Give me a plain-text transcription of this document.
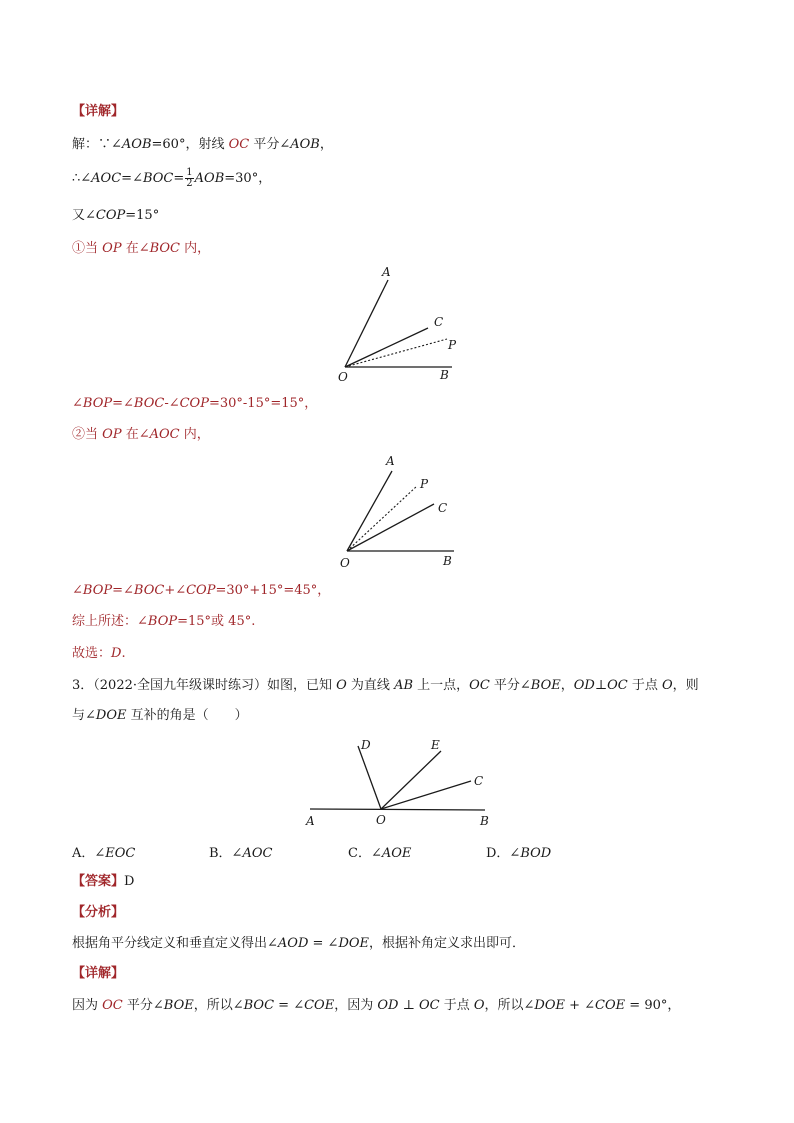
【详解】
解：∵∠AOB=60°，射线 OC 平分∠AOB，
∴∠AOC=∠BOC= $\frac{1}{2} AOB=30^\circ$，
又∠COP=15°
①当 OP 在∠BOC 内，
A
C
P
O	B
∠BOP=∠BOC-∠COP=30°-15°=15°，
②当 OP 在∠AOC 内，
A
P
C
O	B
∠BOP=∠BOC+∠COP=30°+15°=45°，
综上所述：∠BOP=15°或 45°.
故选：D.
3．（2022·全国九年级课时练习）如图，已知 O 为直线 AB 上一点，OC 平分∠BOE，OD⊥OC 于点 O，则
与∠DOE 互补的角是（　　）
D	E
C
A	O	B
A．∠EOC	B．∠AOC	C．∠AOE	D．∠BOD
【答案】D
【分析】
根据角平分线定义和垂直定义得出∠AOD = ∠DOE，根据补角定义求出即可．
【详解】
因为 OC 平分∠BOE，所以∠BOC = ∠COE，因为 OD ⊥ OC 于点 O，所以∠DOE + ∠COE = 90°，
